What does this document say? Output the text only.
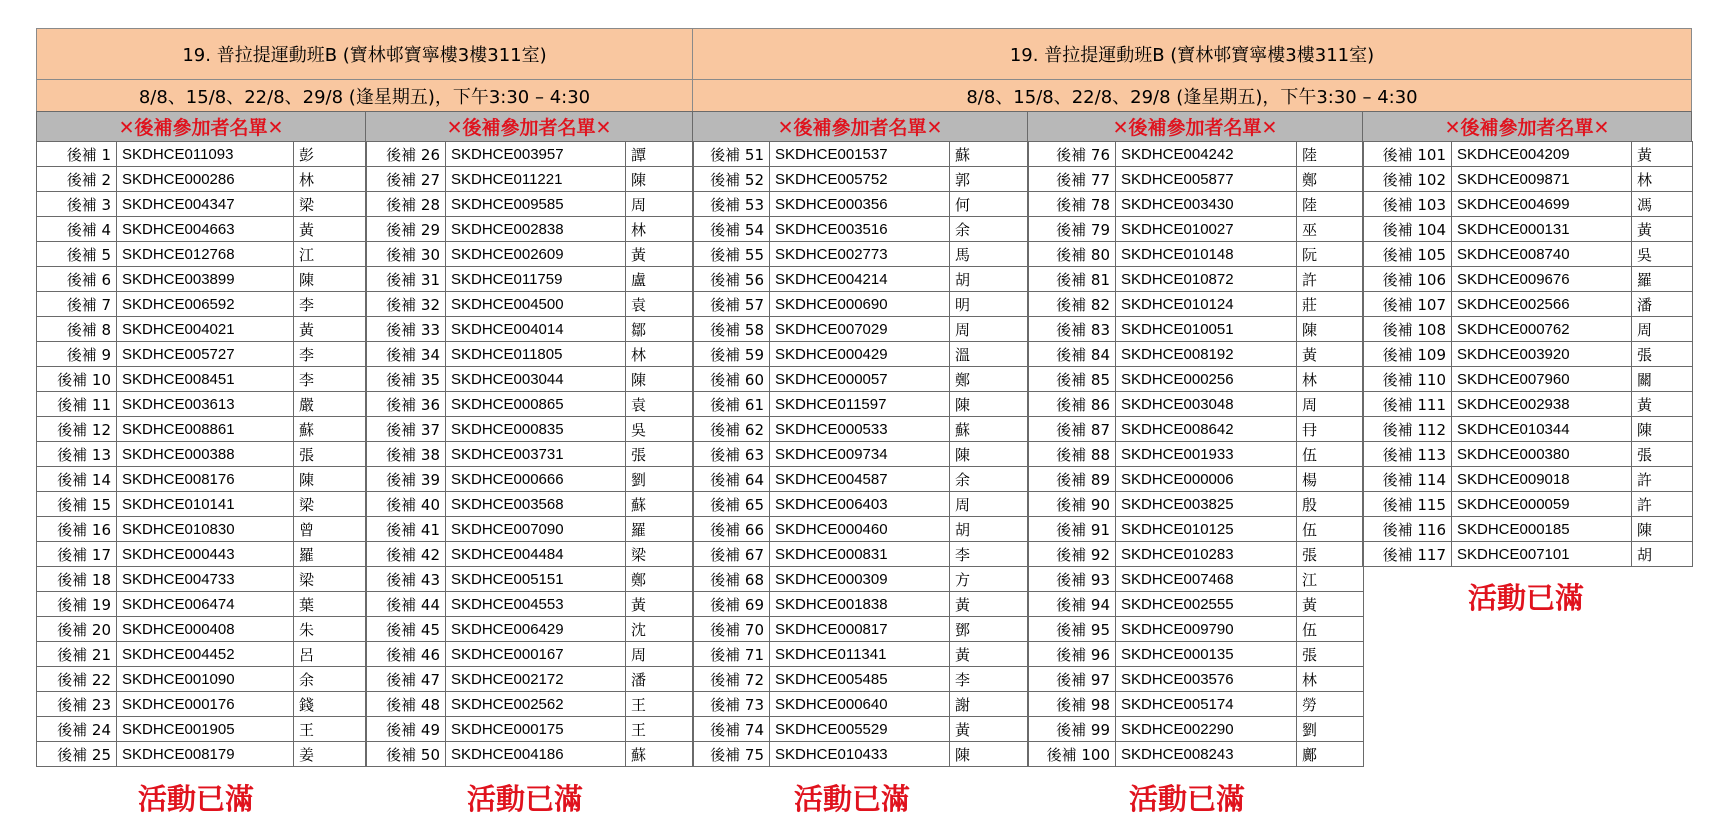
19. 普拉提運動班B (寶林邨寶寧樓3樓311室)	19. 普拉提運動班B (寶林邨寶寧樓3樓311室)
8/8、15/8、22/8、29/8 (逢星期五)，下午3:30 – 4:30	8/8、15/8、22/8、29/8 (逢星期五)，下午3:30 – 4:30
✕後補參加者名單✕	✕後補參加者名單✕	✕後補參加者名單✕	✕後補參加者名單✕	✕後補參加者名單✕
後補 1	SKDHCE011093	彭
後補 2	SKDHCE000286	林
後補 3	SKDHCE004347	梁
後補 4	SKDHCE004663	黃
後補 5	SKDHCE012768	江
後補 6	SKDHCE003899	陳
後補 7	SKDHCE006592	李
後補 8	SKDHCE004021	黃
後補 9	SKDHCE005727	李
後補 10	SKDHCE008451	李
後補 11	SKDHCE003613	嚴
後補 12	SKDHCE008861	蘇
後補 13	SKDHCE000388	張
後補 14	SKDHCE008176	陳
後補 15	SKDHCE010141	梁
後補 16	SKDHCE010830	曾
後補 17	SKDHCE000443	羅
後補 18	SKDHCE004733	梁
後補 19	SKDHCE006474	葉
後補 20	SKDHCE000408	朱
後補 21	SKDHCE004452	呂
後補 22	SKDHCE001090	余
後補 23	SKDHCE000176	錢
後補 24	SKDHCE001905	王
後補 25	SKDHCE008179	姜
後補 26	SKDHCE003957	譚
後補 27	SKDHCE011221	陳
後補 28	SKDHCE009585	周
後補 29	SKDHCE002838	林
後補 30	SKDHCE002609	黃
後補 31	SKDHCE011759	盧
後補 32	SKDHCE004500	袁
後補 33	SKDHCE004014	鄒
後補 34	SKDHCE011805	林
後補 35	SKDHCE003044	陳
後補 36	SKDHCE000865	袁
後補 37	SKDHCE000835	吳
後補 38	SKDHCE003731	張
後補 39	SKDHCE000666	劉
後補 40	SKDHCE003568	蘇
後補 41	SKDHCE007090	羅
後補 42	SKDHCE004484	梁
後補 43	SKDHCE005151	鄭
後補 44	SKDHCE004553	黃
後補 45	SKDHCE006429	沈
後補 46	SKDHCE000167	周
後補 47	SKDHCE002172	潘
後補 48	SKDHCE002562	王
後補 49	SKDHCE000175	王
後補 50	SKDHCE004186	蘇
後補 51	SKDHCE001537	蘇
後補 52	SKDHCE005752	郭
後補 53	SKDHCE000356	何
後補 54	SKDHCE003516	余
後補 55	SKDHCE002773	馬
後補 56	SKDHCE004214	胡
後補 57	SKDHCE000690	明
後補 58	SKDHCE007029	周
後補 59	SKDHCE000429	溫
後補 60	SKDHCE000057	鄭
後補 61	SKDHCE011597	陳
後補 62	SKDHCE000533	蘇
後補 63	SKDHCE009734	陳
後補 64	SKDHCE004587	余
後補 65	SKDHCE006403	周
後補 66	SKDHCE000460	胡
後補 67	SKDHCE000831	李
後補 68	SKDHCE000309	方
後補 69	SKDHCE001838	黃
後補 70	SKDHCE000817	鄧
後補 71	SKDHCE011341	黃
後補 72	SKDHCE005485	李
後補 73	SKDHCE000640	謝
後補 74	SKDHCE005529	黃
後補 75	SKDHCE010433	陳
後補 76	SKDHCE004242	陸
後補 77	SKDHCE005877	鄭
後補 78	SKDHCE003430	陸
後補 79	SKDHCE010027	巫
後補 80	SKDHCE010148	阮
後補 81	SKDHCE010872	許
後補 82	SKDHCE010124	莊
後補 83	SKDHCE010051	陳
後補 84	SKDHCE008192	黃
後補 85	SKDHCE000256	林
後補 86	SKDHCE003048	周
後補 87	SKDHCE008642	冄
後補 88	SKDHCE001933	伍
後補 89	SKDHCE000006	楊
後補 90	SKDHCE003825	殷
後補 91	SKDHCE010125	伍
後補 92	SKDHCE010283	張
後補 93	SKDHCE007468	江
後補 94	SKDHCE002555	黃
後補 95	SKDHCE009790	伍
後補 96	SKDHCE000135	張
後補 97	SKDHCE003576	林
後補 98	SKDHCE005174	勞
後補 99	SKDHCE002290	劉
後補 100	SKDHCE008243	鄺
後補 101	SKDHCE004209	黃
後補 102	SKDHCE009871	林
後補 103	SKDHCE004699	馮
後補 104	SKDHCE000131	黃
後補 105	SKDHCE008740	吳
後補 106	SKDHCE009676	羅
後補 107	SKDHCE002566	潘
後補 108	SKDHCE000762	周
後補 109	SKDHCE003920	張
後補 110	SKDHCE007960	關
後補 111	SKDHCE002938	黃
後補 112	SKDHCE010344	陳
後補 113	SKDHCE000380	張
後補 114	SKDHCE009018	許
後補 115	SKDHCE000059	許
後補 116	SKDHCE000185	陳
後補 117	SKDHCE007101	胡
活動已滿	活動已滿	活動已滿	活動已滿
活動已滿
